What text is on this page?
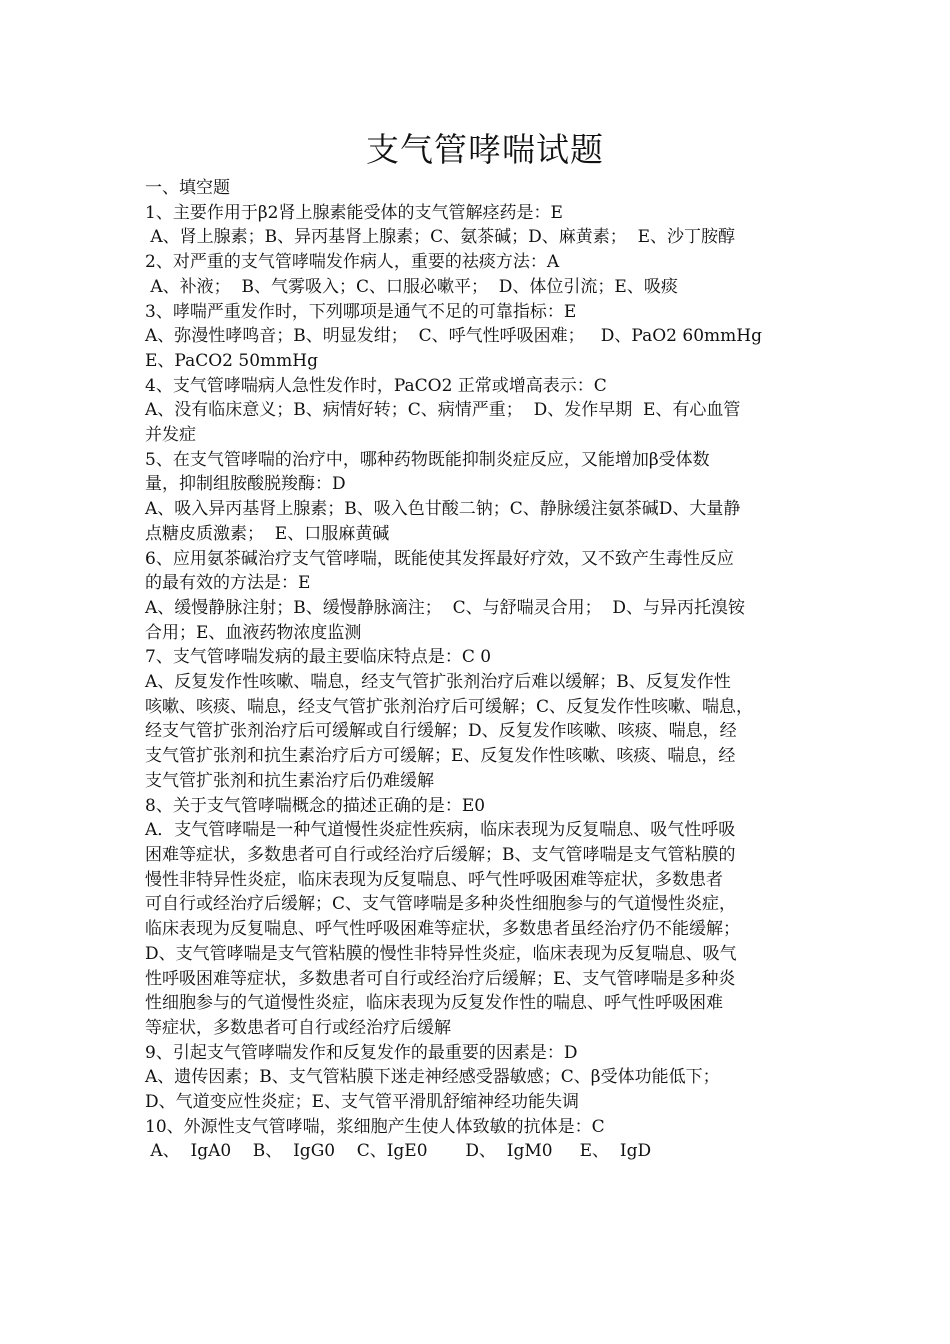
支气管哮喘试题
一、填空题
1、主要作用于β2肾上腺素能受体的支气管解痉药是：E
A、肾上腺素；B、异丙基肾上腺素；C、氨茶碱；D、麻黄素；  E、沙丁胺醇
2、对严重的支气管哮喘发作病人，重要的祛痰方法：A
A、补液；  B、气雾吸入；C、口服必嗽平；  D、体位引流；E、吸痰
3、哮喘严重发作时，下列哪项是通气不足的可靠指标：E
A、弥漫性哮鸣音；B、明显发绀；  C、呼气性呼吸困难；   D、PaO2 60mmHg
E、PaCO2 50mmHg
4、支气管哮喘病人急性发作时，PaCO2 正常或增高表示：C
A、没有临床意义；B、病情好转；C、病情严重；  D、发作早期  E、有心血管
并发症
5、在支气管哮喘的治疗中，哪种药物既能抑制炎症反应，又能增加β受体数
量，抑制组胺酸脱羧酶：D
A、吸入异丙基肾上腺素；B、吸入色甘酸二钠；C、静脉缓注氨茶碱D、大量静
点糖皮质激素；  E、口服麻黄碱
6、应用氨茶碱治疗支气管哮喘，既能使其发挥最好疗效，又不致产生毒性反应
的最有效的方法是：E
A、缓慢静脉注射；B、缓慢静脉滴注；  C、与舒喘灵合用；  D、与异丙托溴铵
合用；E、血液药物浓度监测
7、支气管哮喘发病的最主要临床特点是：C 0
A、反复发作性咳嗽、喘息，经支气管扩张剂治疗后难以缓解；B、反复发作性
咳嗽、咳痰、喘息，经支气管扩张剂治疗后可缓解；C、反复发作性咳嗽、喘息，
经支气管扩张剂治疗后可缓解或自行缓解；D、反复发作咳嗽、咳痰、喘息，经
支气管扩张剂和抗生素治疗后方可缓解；E、反复发作性咳嗽、咳痰、喘息，经
支气管扩张剂和抗生素治疗后仍难缓解
8、关于支气管哮喘概念的描述正确的是：E0
A．支气管哮喘是一种气道慢性炎症性疾病，临床表现为反复喘息、吸气性呼吸
困难等症状，多数患者可自行或经治疗后缓解；B、支气管哮喘是支气管粘膜的
慢性非特异性炎症，临床表现为反复喘息、呼气性呼吸困难等症状，多数患者
可自行或经治疗后缓解；C、支气管哮喘是多种炎性细胞参与的气道慢性炎症，
临床表现为反复喘息、呼气性呼吸困难等症状，多数患者虽经治疗仍不能缓解；
D、支气管哮喘是支气管粘膜的慢性非特异性炎症，临床表现为反复喘息、吸气
性呼吸困难等症状，多数患者可自行或经治疗后缓解；E、支气管哮喘是多种炎
性细胞参与的气道慢性炎症，临床表现为反复发作性的喘息、呼气性呼吸困难
等症状，多数患者可自行或经治疗后缓解
9、引起支气管哮喘发作和反复发作的最重要的因素是：D
A、遗传因素；B、支气管粘膜下迷走神经感受器敏感；C、β受体功能低下；
D、气道变应性炎症；E、支气管平滑肌舒缩神经功能失调
10、外源性支气管哮喘，浆细胞产生使人体致敏的抗体是：C
A、  IgA0    B、  IgG0    C、IgE0       D、  IgM0     E、  IgD
